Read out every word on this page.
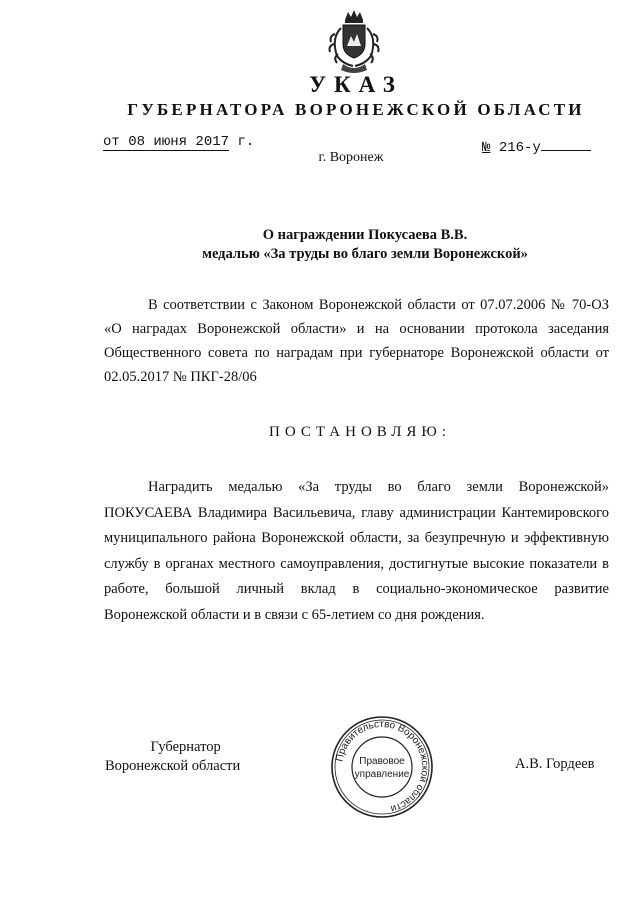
УКАЗ
ГУБЕРНАТОРА ВОРОНЕЖСКОЙ ОБЛАСТИ
от 08 июня 2017 г.	№ 216-у
г. Воронеж
О награждении Покусаева В.В.
медалью «За труды во благо земли Воронежской»
В соответствии с Законом Воронежской области от 07.07.2006 № 70-ОЗ «О наградах Воронежской области» и на основании протокола заседания Общественного совета по наградам при губернаторе Воронежской области от 02.05.2017 № ПКГ-28/06
ПОСТАНОВЛЯЮ:
Наградить медалью «За труды во благо земли Воронежской» ПОКУСАЕВА Владимира Васильевича, главу администрации Кантемировского муниципального района Воронежской области, за безупречную и эффективную службу в органах местного самоуправления, достигнутые высокие показатели в работе, большой личный вклад в социально-экономическое развитие Воронежской области и в связи с 65-летием со дня рождения.
Губернатор
Воронежской области	А.В. Гордеев
Правительство Воронежской области
Правовое
управление
